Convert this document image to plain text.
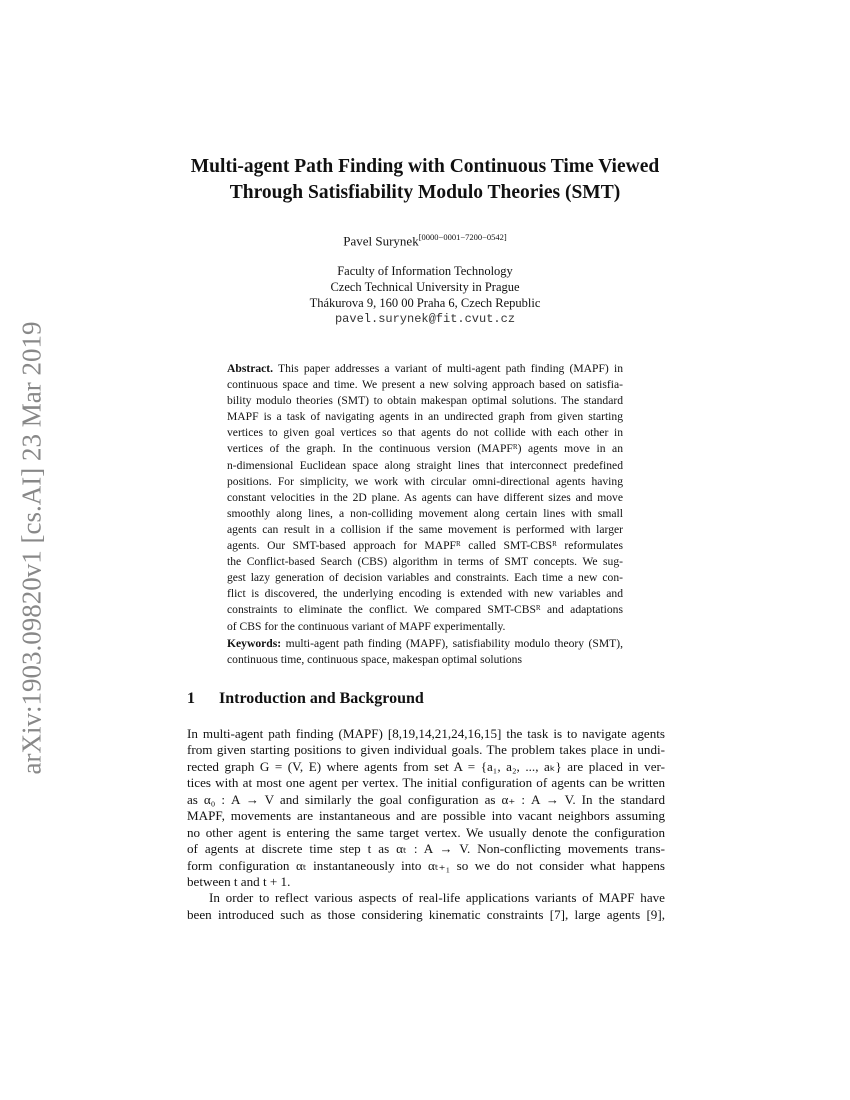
arXiv:1903.09820v1 [cs.AI] 23 Mar 2019
Multi-agent Path Finding with Continuous Time Viewed
Through Satisfiability Modulo Theories (SMT)
Pavel Surynek[0000−0001−7200−0542]
Faculty of Information Technology
Czech Technical University in Prague
Thákurova 9, 160 00 Praha 6, Czech Republic
pavel.surynek@fit.cvut.cz
Abstract. This paper addresses a variant of multi-agent path finding (MAPF) in
continuous space and time. We present a new solving approach based on satisfia-
bility modulo theories (SMT) to obtain makespan optimal solutions. The standard
MAPF is a task of navigating agents in an undirected graph from given starting
vertices to given goal vertices so that agents do not collide with each other in
vertices of the graph. In the continuous version (MAPFᴿ) agents move in an
n-dimensional Euclidean space along straight lines that interconnect predefined
positions. For simplicity, we work with circular omni-directional agents having
constant velocities in the 2D plane. As agents can have different sizes and move
smoothly along lines, a non-colliding movement along certain lines with small
agents can result in a collision if the same movement is performed with larger
agents. Our SMT-based approach for MAPFᴿ called SMT-CBSᴿ reformulates
the Conflict-based Search (CBS) algorithm in terms of SMT concepts. We sug-
gest lazy generation of decision variables and constraints. Each time a new con-
flict is discovered, the underlying encoding is extended with new variables and
constraints to eliminate the conflict. We compared SMT-CBSᴿ and adaptations
of CBS for the continuous variant of MAPF experimentally.
Keywords: multi-agent path finding (MAPF), satisfiability modulo theory (SMT),
continuous time, continuous space, makespan optimal solutions
1 Introduction and Background
In multi-agent path finding (MAPF) [8,19,14,21,24,16,15] the task is to navigate agents
from given starting positions to given individual goals. The problem takes place in undi-
rected graph G = (V, E) where agents from set A = {a₁, a₂, ..., aₖ} are placed in ver-
tices with at most one agent per vertex. The initial configuration of agents can be written
as α₀ : A → V and similarly the goal configuration as α₊ : A → V. In the standard
MAPF, movements are instantaneous and are possible into vacant neighbors assuming
no other agent is entering the same target vertex. We usually denote the configuration
of agents at discrete time step t as αₜ : A → V. Non-conflicting movements trans-
form configuration αₜ instantaneously into αₜ₊₁ so we do not consider what happens
between t and t + 1.
In order to reflect various aspects of real-life applications variants of MAPF have
been introduced such as those considering kinematic constraints [7], large agents [9],
